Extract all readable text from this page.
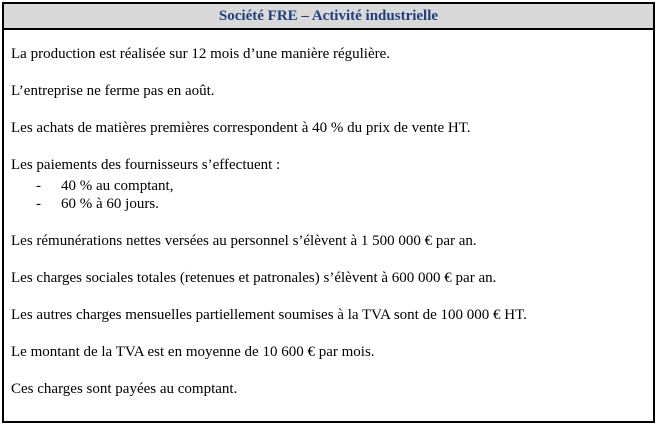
Société FRE – Activité industrielle

La production est réalisée sur 12 mois d’une manière régulière.

L’entreprise ne ferme pas en août.

Les achats de matières premières correspondent à 40 % du prix de vente HT.

Les paiements des fournisseurs s’effectuent :

- 40 % au comptant,
- 60 % à 60 jours.

Les rémunérations nettes versées au personnel s’élèvent à 1 500 000 € par an.

Les charges sociales totales (retenues et patronales) s’élèvent à 600 000 € par an.

Les autres charges mensuelles partiellement soumises à la TVA sont de 100 000 € HT.

Le montant de la TVA est en moyenne de 10 600 € par mois.

Ces charges sont payées au comptant.
